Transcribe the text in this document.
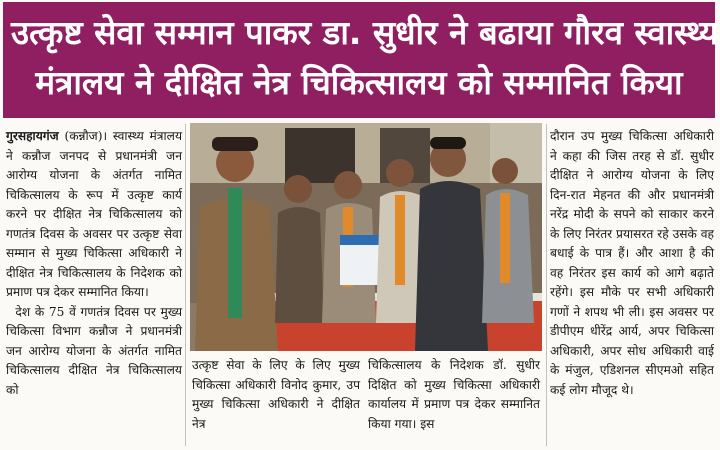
उत्कृष्ट सेवा सम्मान पाकर डा. सुधीर ने बढाया गौरव स्वास्थ्य
मंत्रालय ने दीक्षित नेत्र चिकित्सालय को सम्मानित किया

गुरसहायगंज (कन्नौज)। स्वास्थ्य मंत्रालय ने कन्नौज जनपद से प्रधानमंत्री जन आरोग्य योजना के अंतर्गत नामित चिकित्सालय के रूप में उत्कृष्ट कार्य करने पर दीक्षित नेत्र चिकित्सालय को गणतंत्र दिवस के अवसर पर उत्कृष्ट सेवा सम्मान से मुख्य चिकित्सा अधिकारी ने दीक्षित नेत्र चिकित्सालय के निदेशक को प्रमाण पत्र देकर सम्मानित किया।

देश के 75 वें गणतंत्र दिवस पर मुख्य चिकित्सा विभाग कन्नौज ने प्रधानमंत्री जन आरोग्य योजना के अंतर्गत नामित चिकित्सालय दीक्षित नेत्र चिकित्सालय को

उत्कृष्ट सेवा के लिए के लिए मुख्य चिकित्सा अधिकारी विनोद कुमार, उप मुख्य चिकित्सा अधिकारी ने दीक्षित नेत्र

चिकित्सालय के निदेशक डॉ. सुधीर दिक्षित को मुख्य चिकित्सा अधिकारी कार्यालय में प्रमाण पत्र देकर सम्मानित किया गया। इस

दौरान उप मुख्य चिकित्सा अधिकारी ने कहा की जिस तरह से डॉ. सुधीर दीक्षित ने आरोग्य योजना के लिए दिन-रात मेहनत की और प्रधानमंत्री नरेंद्र मोदी के सपने को साकार करने के लिए निरंतर प्रयासरत रहे उसके वह बधाई के पात्र हैं। और आशा है की वह निरंतर इस कार्य को आगे बढ़ाते रहेंगे। इस मौके पर सभी अधिकारी गणों ने शपथ भी ली। इस अवसर पर डीपीएम धीरेंद्र आर्य, अपर चिकित्सा अधिकारी, अपर सोध अधिकारी वाई के मंजुल, एडिशनल सीएमओ सहित कई लोग मौजूद थे।
